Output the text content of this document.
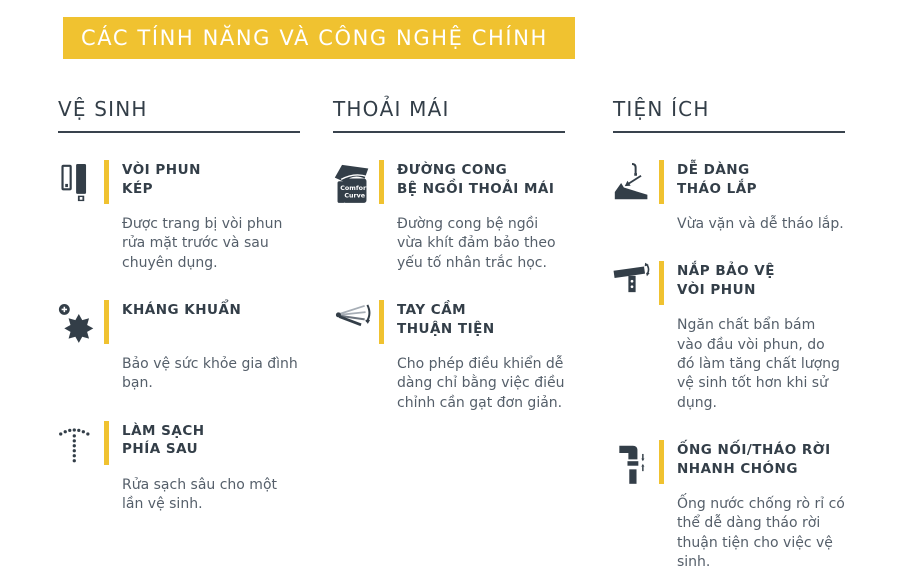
CÁC TÍNH NĂNG VÀ CÔNG NGHỆ CHÍNH
VỆ SINH
VÒI PHUN
KÉP

Được trang bị vòi phun rửa mặt trước và sau chuyên dụng.

KHÁNG KHUẨN

Bảo vệ sức khỏe gia đình bạn.

LÀM SẠCH
PHÍA SAU

Rửa sạch sâu cho một lần vệ sinh.

THOẢI MÁI
Comfort
Curve
ĐƯỜNG CONG
BỆ NGỒI THOẢI MÁI

Đường cong bệ ngồi vừa khít đảm bảo theo yếu tố nhân trắc học.

TAY CẦM
THUẬN TIỆN

Cho phép điều khiển dễ dàng chỉ bằng việc điều chỉnh cần gạt đơn giản.

TIỆN ÍCH
DỄ DÀNG
THÁO LẮP

Vừa vặn và dễ tháo lắp.

NẮP BẢO VỆ
VÒI PHUN

Ngăn chất bẩn bám vào đầu vòi phun, do đó làm tăng chất lượng vệ sinh tốt hơn khi sử dụng.

ỐNG NỐI/THÁO RỜI
NHANH CHÓNG

Ống nước chống rò rỉ có thể dễ dàng tháo rời thuận tiện cho việc vệ sinh.
